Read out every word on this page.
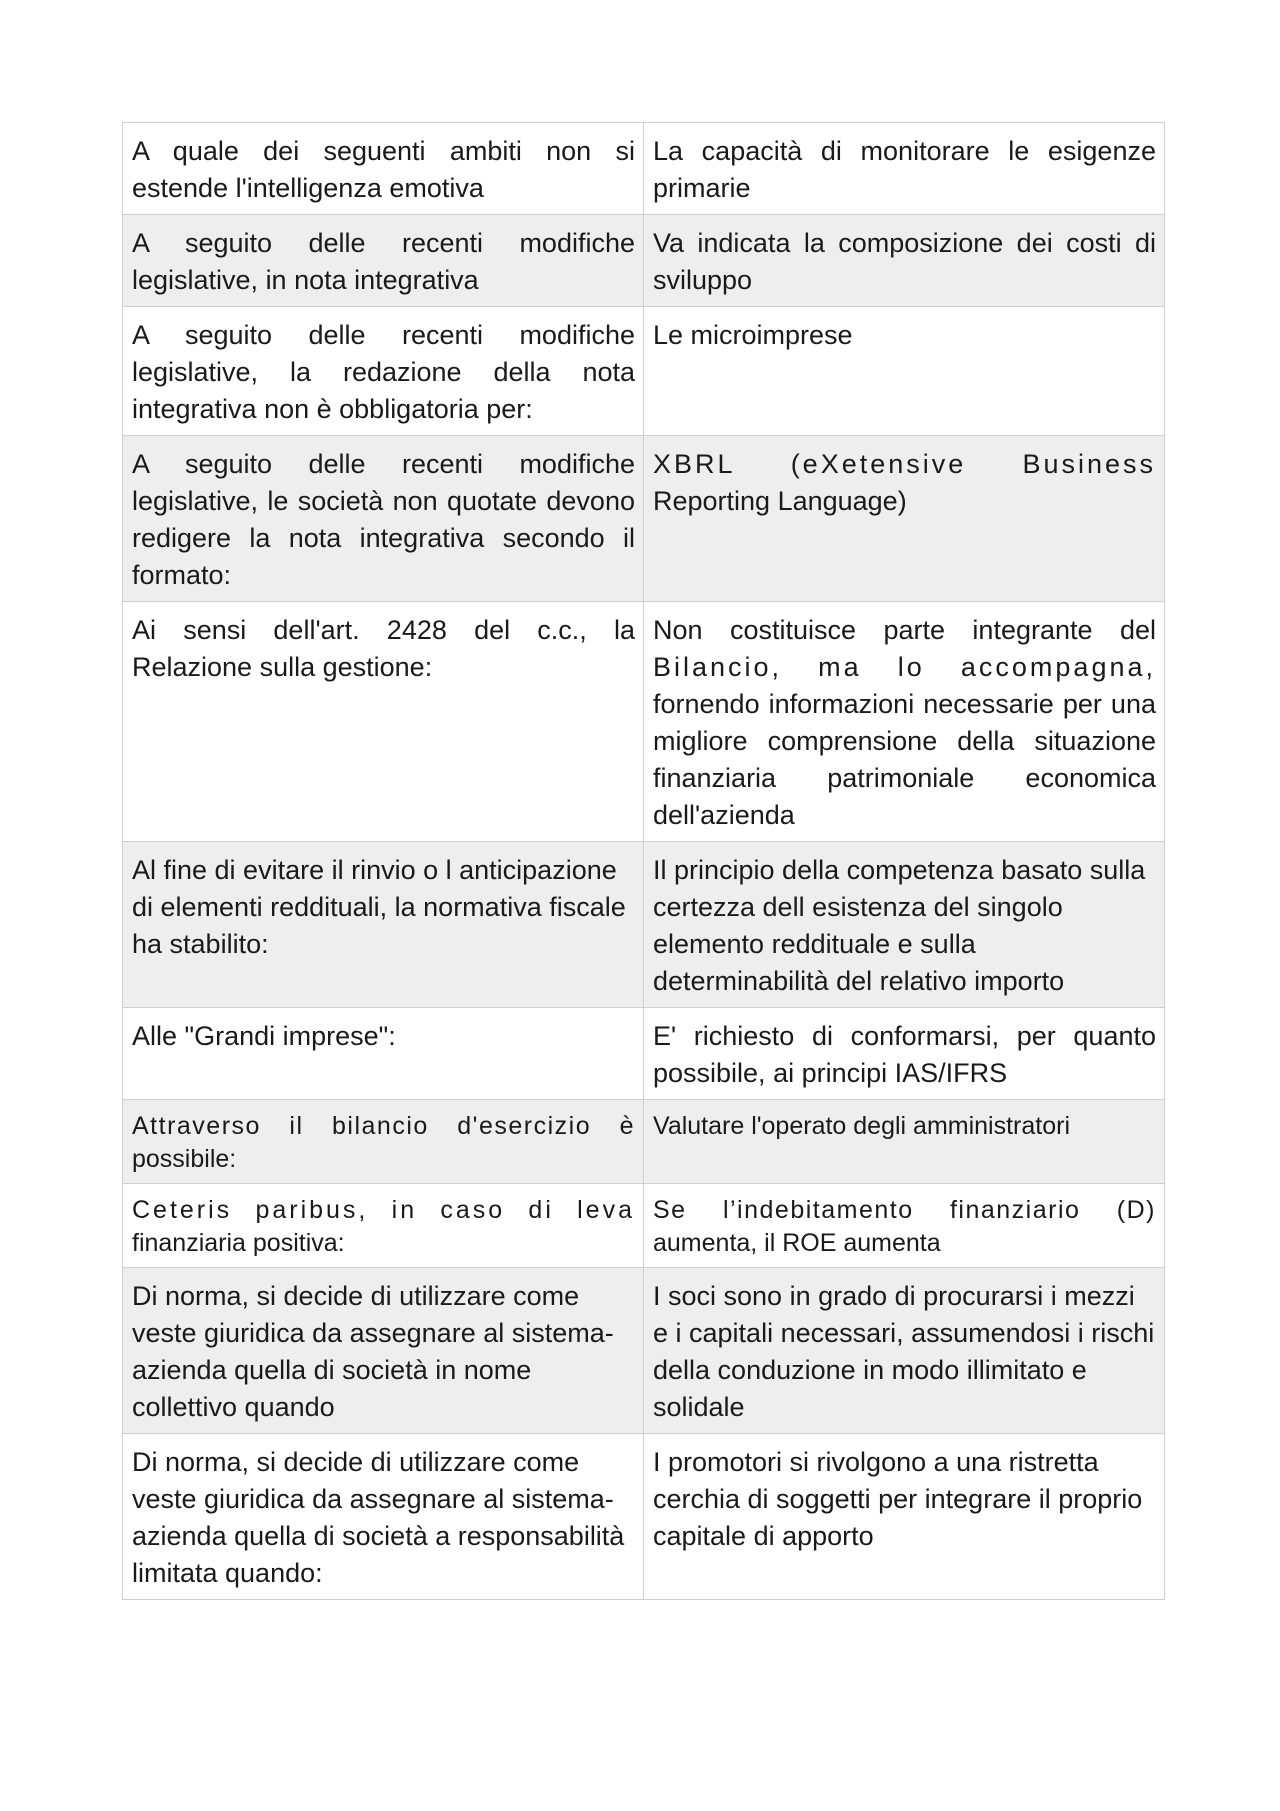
A quale dei seguenti ambiti non si estende l'intelligenza emotiva	La capacità di monitorare le esigenze primarie
A seguito delle recenti modifiche legislative, in nota integrativa	Va indicata la composizione dei costi di sviluppo
A seguito delle recenti modifiche legislative, la redazione della nota integrativa non è obbligatoria per:	Le microimprese
A seguito delle recenti modifiche legislative, le società non quotate devono redigere la nota integrativa secondo il formato:	XBRL (eXetensive Business Reporting Language)
Ai sensi dell'art. 2428 del c.c., la Relazione sulla gestione:	Non costituisce parte integrante del Bilancio, ma lo accompagna, fornendo informazioni necessarie per una migliore comprensione della situazione finanziaria patrimoniale economica dell'azienda
Al fine di evitare il rinvio o l anticipazione di elementi reddituali, la normativa fiscale ha stabilito:	Il principio della competenza basato sulla certezza dell esistenza del singolo elemento reddituale e sulla determinabilità del relativo importo
Alle "Grandi imprese":	E' richiesto di conformarsi, per quanto possibile, ai principi IAS/IFRS
Attraverso il bilancio d'esercizio è possibile:	Valutare l'operato degli amministratori
Ceteris paribus, in caso di leva finanziaria positiva:	Se l’indebitamento finanziario (D) aumenta, il ROE aumenta
Di norma, si decide di utilizzare come veste giuridica da assegnare al sistema-azienda quella di società in nome collettivo quando	I soci sono in grado di procurarsi i mezzi e i capitali necessari, assumendosi i rischi della conduzione in modo illimitato e solidale
Di norma, si decide di utilizzare come veste giuridica da assegnare al sistema-azienda quella di società a responsabilità limitata quando:	I promotori si rivolgono a una ristretta cerchia di soggetti per integrare il proprio capitale di apporto
